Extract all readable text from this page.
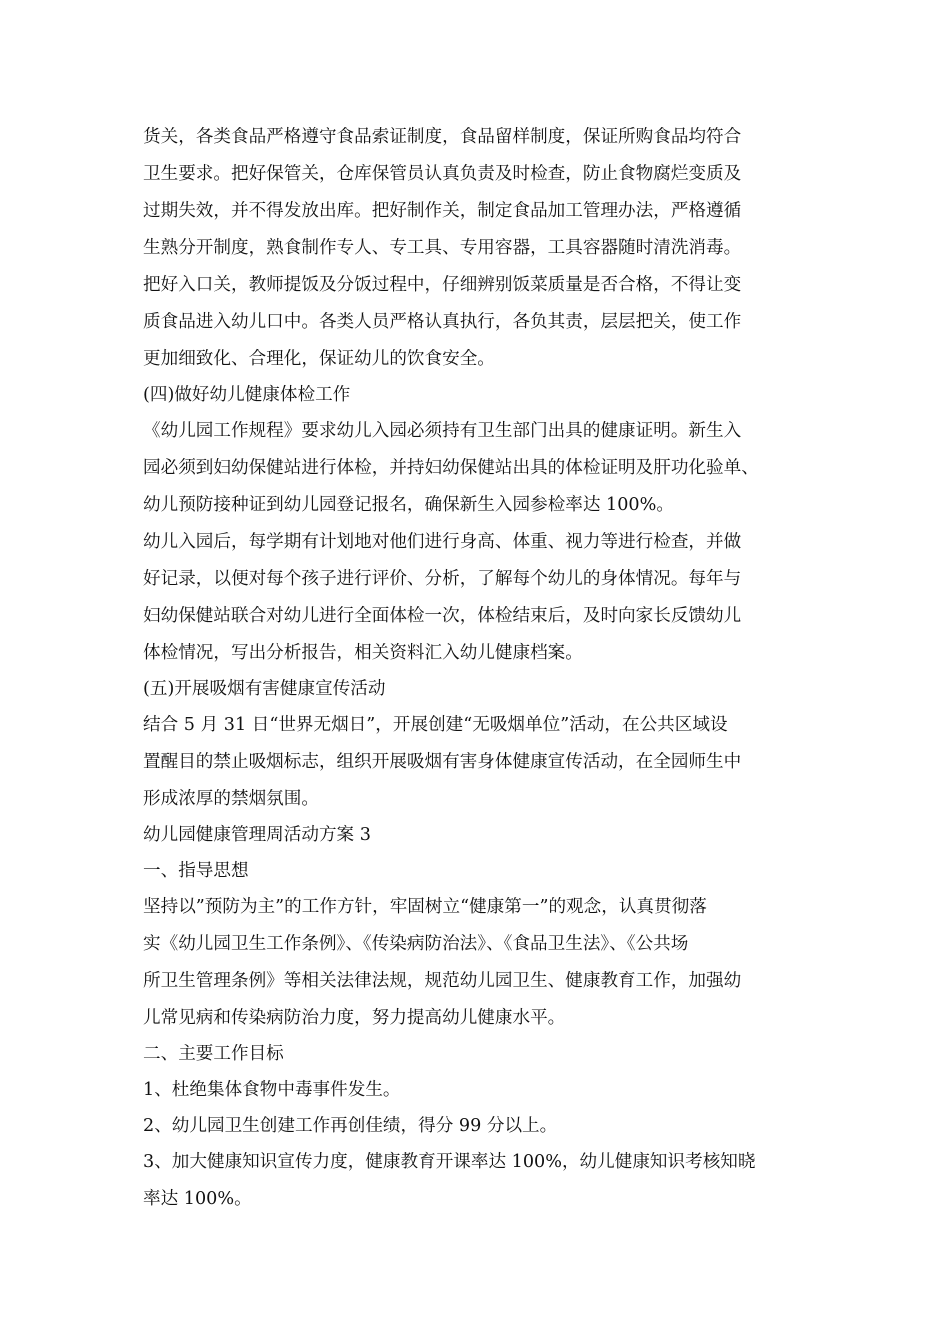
货关，各类食品严格遵守食品索证制度，食品留样制度，保证所购食品均符合
卫生要求。把好保管关，仓库保管员认真负责及时检查，防止食物腐烂变质及
过期失效，并不得发放出库。把好制作关，制定食品加工管理办法，严格遵循
生熟分开制度，熟食制作专人、专工具、专用容器，工具容器随时清洗消毒。
把好入口关，教师提饭及分饭过程中，仔细辨别饭菜质量是否合格，不得让变
质食品进入幼儿口中。各类人员严格认真执行，各负其责，层层把关，使工作
更加细致化、合理化，保证幼儿的饮食安全。
(四)做好幼儿健康体检工作
《幼儿园工作规程》要求幼儿入园必须持有卫生部门出具的健康证明。新生入
园必须到妇幼保健站进行体检，并持妇幼保健站出具的体检证明及肝功化验单、
幼儿预防接种证到幼儿园登记报名，确保新生入园参检率达 100%。
幼儿入园后，每学期有计划地对他们进行身高、体重、视力等进行检查，并做
好记录，以便对每个孩子进行评价、分析，了解每个幼儿的身体情况。每年与
妇幼保健站联合对幼儿进行全面体检一次，体检结束后，及时向家长反馈幼儿
体检情况，写出分析报告，相关资料汇入幼儿健康档案。
(五)开展吸烟有害健康宣传活动
结合 5 月 31 日“世界无烟日”，开展创建“无吸烟单位”活动，在公共区域设
置醒目的禁止吸烟标志，组织开展吸烟有害身体健康宣传活动，在全园师生中
形成浓厚的禁烟氛围。
幼儿园健康管理周活动方案 3
一、指导思想
坚持以”预防为主”的工作方针，牢固树立“健康第一”的观念，认真贯彻落
实《幼儿园卫生工作条例》、《传染病防治法》、《食品卫生法》、《公共场
所卫生管理条例》等相关法律法规，规范幼儿园卫生、健康教育工作，加强幼
儿常见病和传染病防治力度，努力提高幼儿健康水平。
二、主要工作目标
1、杜绝集体食物中毒事件发生。
2、幼儿园卫生创建工作再创佳绩，得分 99 分以上。
3、加大健康知识宣传力度，健康教育开课率达 100%，幼儿健康知识考核知晓
率达 100%。
